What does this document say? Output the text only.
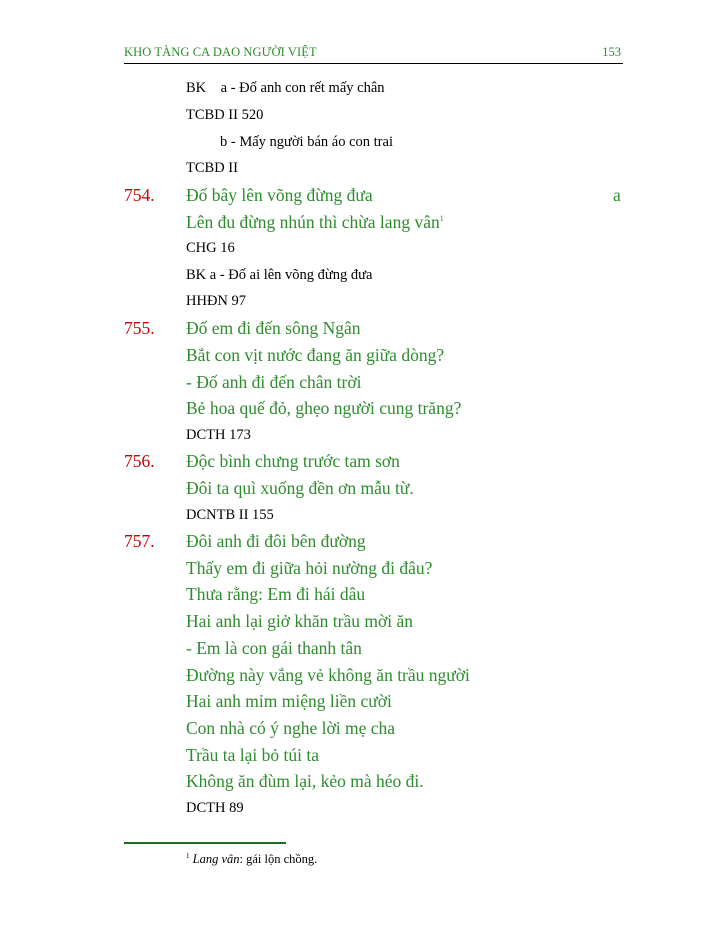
KHO TÀNG CA DAO NGƯỜI VIỆT	153
BK a - Đố anh con rết mấy chân
TCBD II 520
b - Mấy người bán áo con trai
TCBD II
754. Đố bây lên võng đừng đưa	a
Lên đu đừng nhún thì chừa lang vân$^1$
CHG 16
BK a - Đố ai lên võng đừng đưa
HHĐN 97
755. Đố em đi đến sông Ngân
Bắt con vịt nước đang ăn giữa dòng?
- Đố anh đi đến chân trời
Bẻ hoa quế đỏ, ghẹo người cung trăng?
DCTH 173
756. Độc bình chưng trước tam sơn
Đôi ta quì xuống đền ơn mẫu từ.
DCNTB II 155
757. Đôi anh đi đôi bên đường
Thấy em đi giữa hỏi nường đi đâu?
Thưa rằng: Em đi hái dâu
Hai anh lại giở khăn trầu mời ăn
- Em là con gái thanh tân
Đường này vắng vẻ không ăn trầu người
Hai anh mỉm miệng liền cười
Con nhà có ý nghe lời mẹ cha
Trầu ta lại bỏ túi ta
Không ăn đùm lại, kẻo mà héo đi.
DCTH 89
$^1$ Lang vân: gái lộn chồng.
